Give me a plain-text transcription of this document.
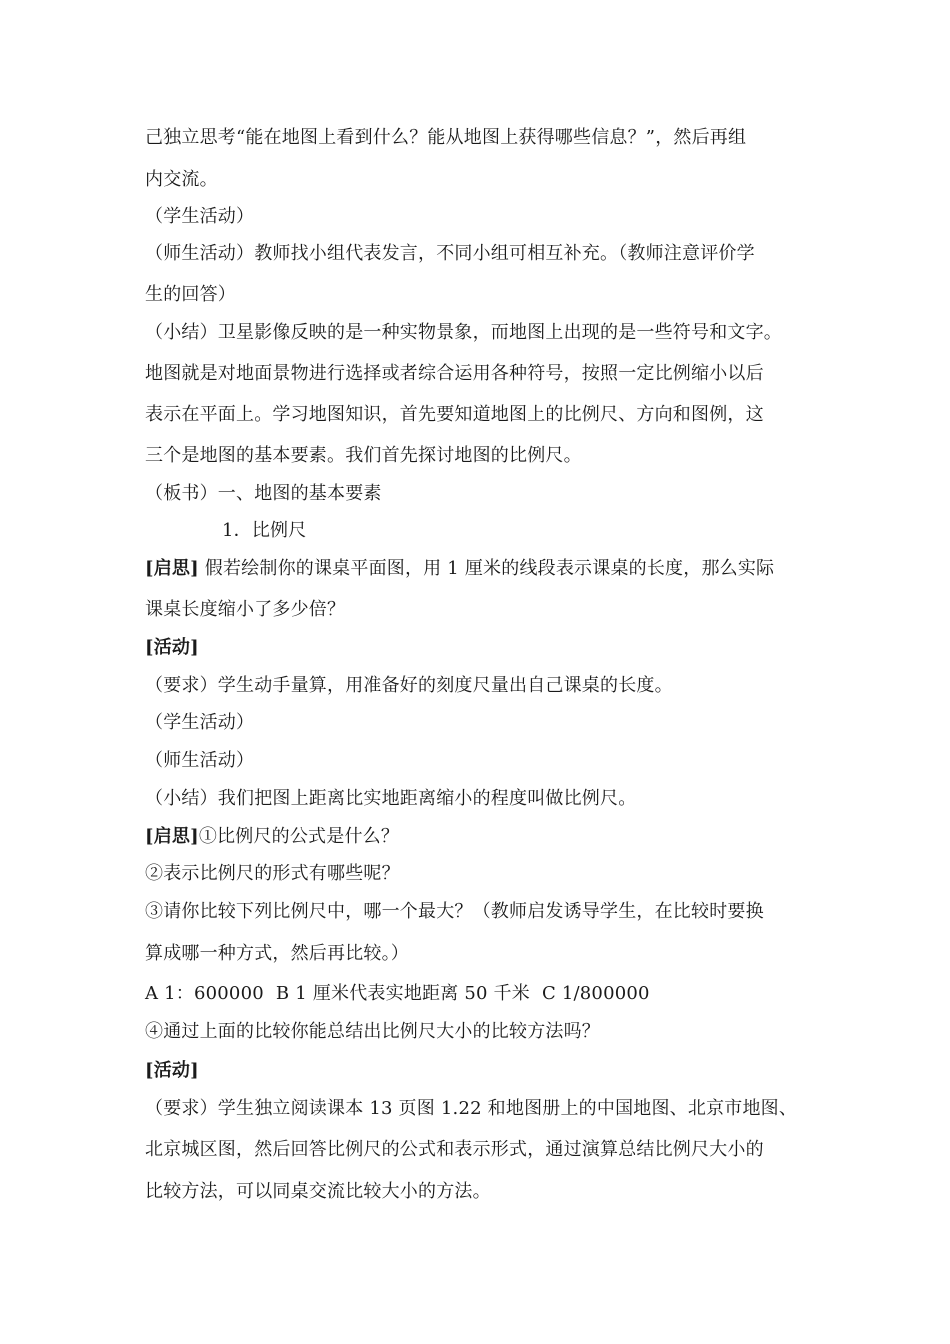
己独立思考“能在地图上看到什么？能从地图上获得哪些信息？”，然后再组
内交流。
（学生活动）
（师生活动）教师找小组代表发言，不同小组可相互补充。（教师注意评价学
生的回答）
（小结）卫星影像反映的是一种实物景象，而地图上出现的是一些符号和文字。
地图就是对地面景物进行选择或者综合运用各种符号，按照一定比例缩小以后
表示在平面上。学习地图知识，首先要知道地图上的比例尺、方向和图例，这
三个是地图的基本要素。我们首先探讨地图的比例尺。
（板书）一、地图的基本要素
1．比例尺
[启思] 假若绘制你的课桌平面图，用 1 厘米的线段表示课桌的长度，那么实际
课桌长度缩小了多少倍？
[活动]
（要求）学生动手量算，用准备好的刻度尺量出自己课桌的长度。
（学生活动）
（师生活动）
（小结）我们把图上距离比实地距离缩小的程度叫做比例尺。
[启思]①比例尺的公式是什么？
②表示比例尺的形式有哪些呢？
③请你比较下列比例尺中，哪一个最大？（教师启发诱导学生，在比较时要换
算成哪一种方式，然后再比较。）
A 1：600000 B 1 厘米代表实地距离 50 千米 C 1/800000
④通过上面的比较你能总结出比例尺大小的比较方法吗？
[活动]
（要求）学生独立阅读课本 13 页图 1.22 和地图册上的中国地图、北京市地图、
北京城区图，然后回答比例尺的公式和表示形式，通过演算总结比例尺大小的
比较方法，可以同桌交流比较大小的方法。
